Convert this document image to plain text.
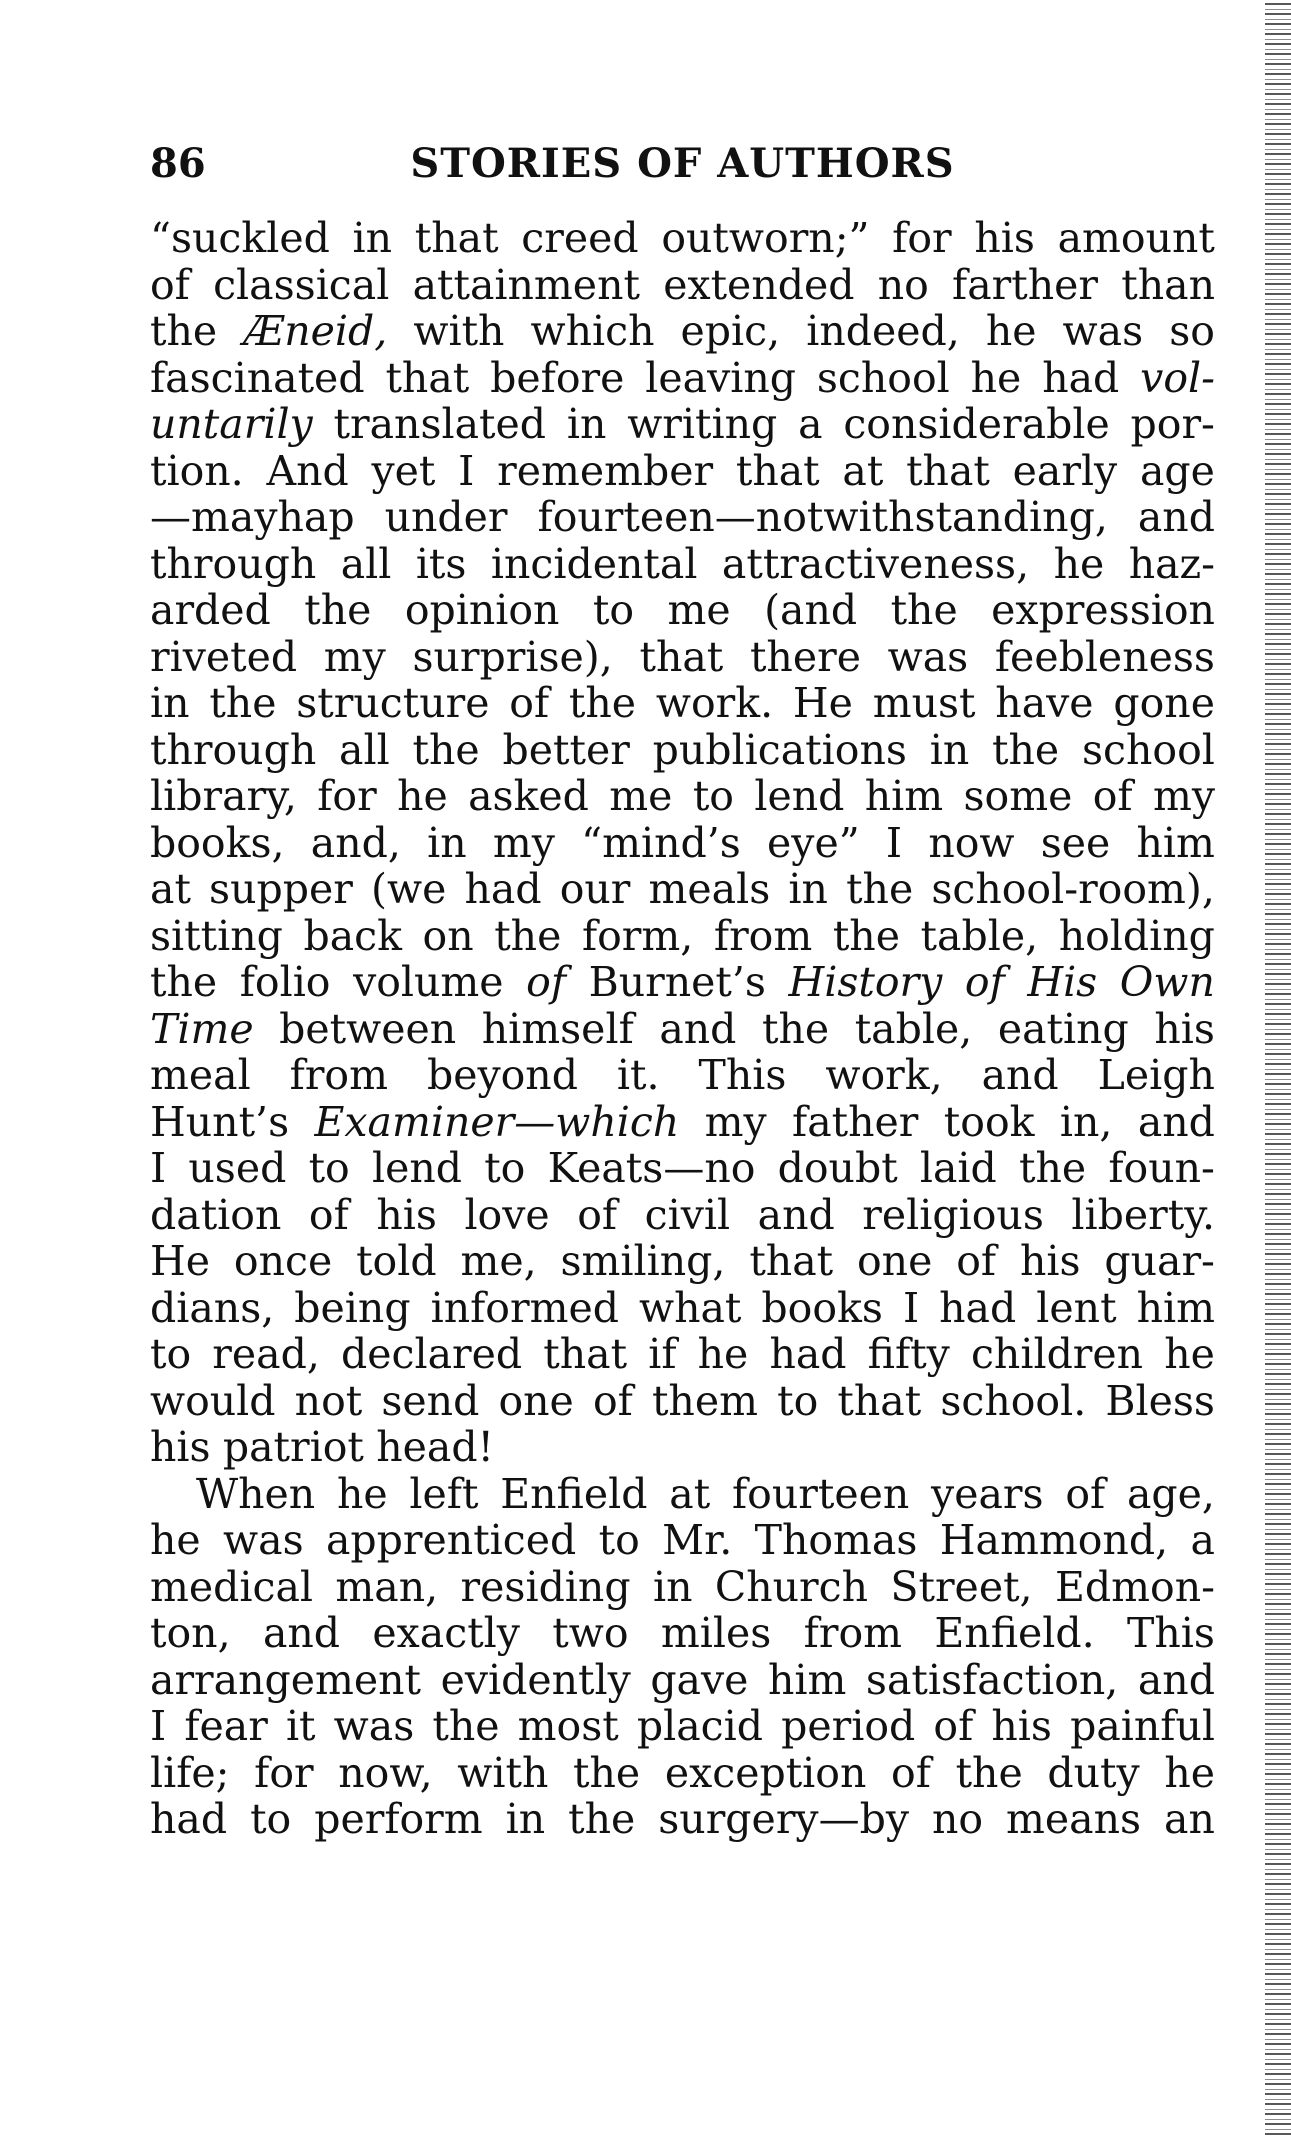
STORIES OF AUTHORS
86
“suckled in that creed outworn;” for his amount
of classical attainment extended no farther than
the Æneid, with which epic, indeed, he was so
fascinated that before leaving school he had vol-
untarily translated in writing a considerable por-
tion. And yet I remember that at that early age
—mayhap under fourteen—notwithstanding, and
through all its incidental attractiveness, he haz-
arded the opinion to me (and the expression
riveted my surprise), that there was feebleness
in the structure of the work. He must have gone
through all the better publications in the school
library, for he asked me to lend him some of my
books, and, in my “mind’s eye” I now see him
at supper (we had our meals in the school-room),
sitting back on the form, from the table, holding
the folio volume of Burnet’s History of His Own
Time between himself and the table, eating his
meal from beyond it. This work, and Leigh
Hunt’s Examiner—which my father took in, and
I used to lend to Keats—no doubt laid the foun-
dation of his love of civil and religious liberty.
He once told me, smiling, that one of his guar-
dians, being informed what books I had lent him
to read, declared that if he had fifty children he
would not send one of them to that school. Bless
his patriot head!
When he left Enfield at fourteen years of age,
he was apprenticed to Mr. Thomas Hammond, a
medical man, residing in Church Street, Edmon-
ton, and exactly two miles from Enfield. This
arrangement evidently gave him satisfaction, and
I fear it was the most placid period of his painful
life; for now, with the exception of the duty he
had to perform in the surgery—by no means an
